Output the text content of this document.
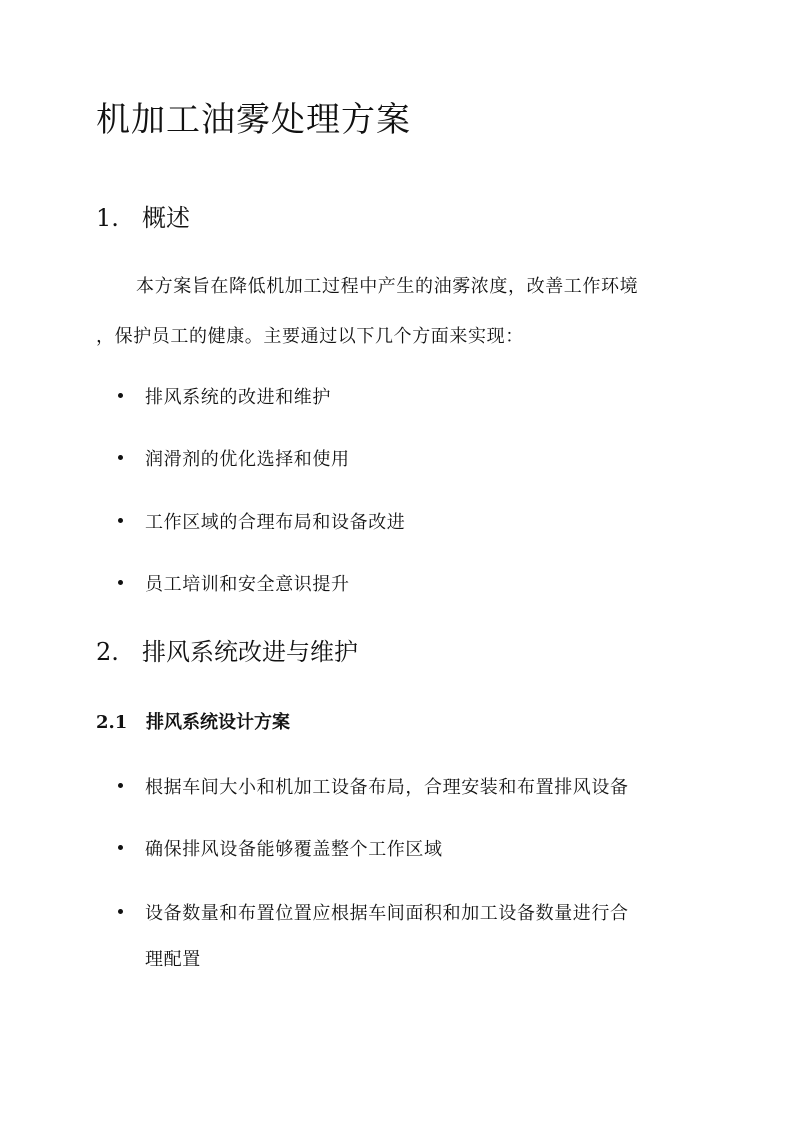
机加工油雾处理方案
1. 概述

本方案旨在降低机加工过程中产生的油雾浓度，改善工作环境

，保护员工的健康。主要通过以下几个方面来实现：

排风系统的改进和维护
润滑剂的优化选择和使用
工作区域的合理布局和设备改进
员工培训和安全意识提升
2. 排风系统改进与维护
2.1 排风系统设计方案
根据车间大小和机加工设备布局，合理安装和布置排风设备
确保排风设备能够覆盖整个工作区域
设备数量和布置位置应根据车间面积和加工设备数量进行合

理配置
